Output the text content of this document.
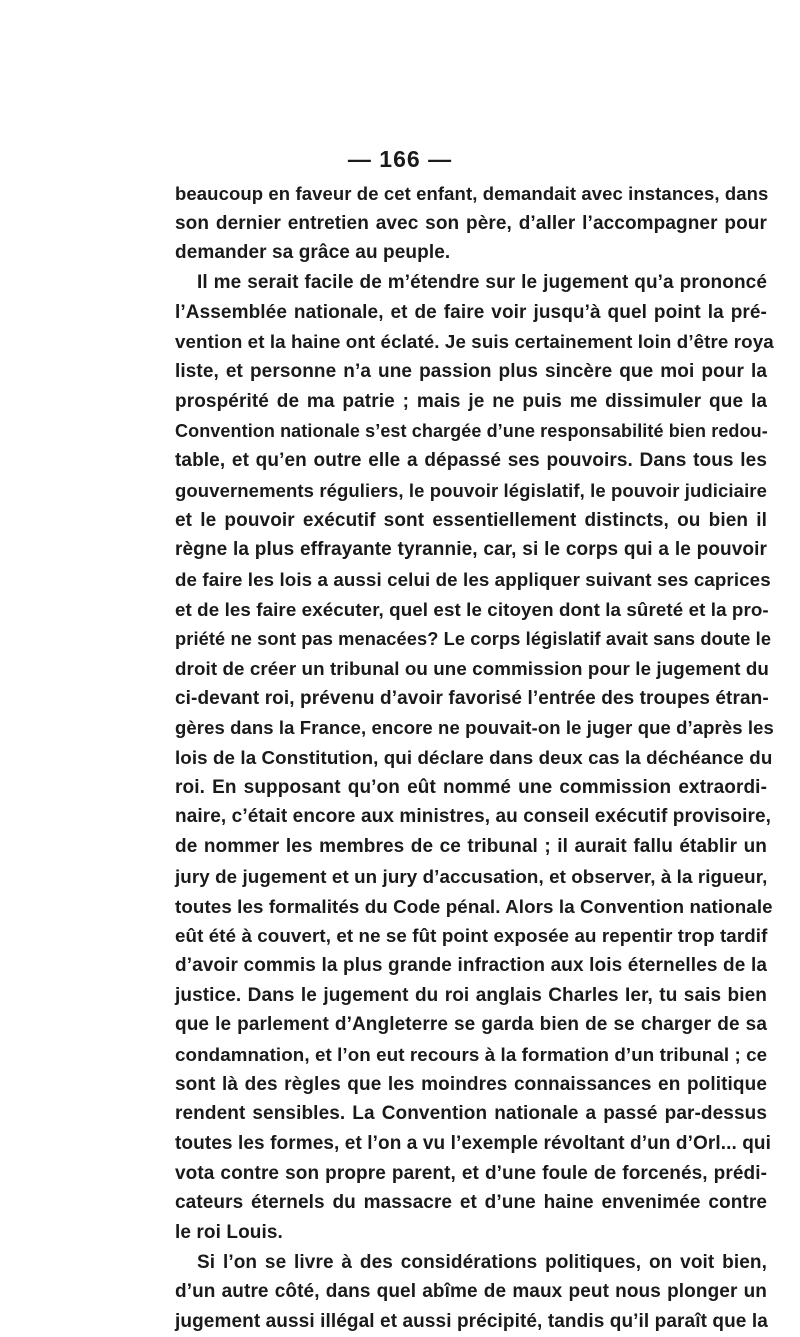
— 166 —
beaucoup en faveur de cet enfant, demandait avec instances, dans
son dernier entretien avec son père, d’aller l’accompagner pour
demander sa grâce au peuple.
Il me serait facile de m’étendre sur le jugement qu’a prononcé
l’Assemblée nationale, et de faire voir jusqu’à quel point la pré-
vention et la haine ont éclaté. Je suis certainement loin d’être roya
liste, et personne n’a une passion plus sincère que moi pour la
prospérité de ma patrie ; mais je ne puis me dissimuler que la
Convention nationale s’est chargée d’une responsabilité bien redou-
table, et qu’en outre elle a dépassé ses pouvoirs. Dans tous les
gouvernements réguliers, le pouvoir législatif, le pouvoir judiciaire
et le pouvoir exécutif sont essentiellement distincts, ou bien il
règne la plus effrayante tyrannie, car, si le corps qui a le pouvoir
de faire les lois a aussi celui de les appliquer suivant ses caprices
et de les faire exécuter, quel est le citoyen dont la sûreté et la pro-
priété ne sont pas menacées? Le corps législatif avait sans doute le
droit de créer un tribunal ou une commission pour le jugement du
ci-devant roi, prévenu d’avoir favorisé l’entrée des troupes étran-
gères dans la France, encore ne pouvait-on le juger que d’après les
lois de la Constitution, qui déclare dans deux cas la déchéance du
roi. En supposant qu’on eût nommé une commission extraordi-
naire, c’était encore aux ministres, au conseil exécutif provisoire,
de nommer les membres de ce tribunal ; il aurait fallu établir un
jury de jugement et un jury d’accusation, et observer, à la rigueur,
toutes les formalités du Code pénal. Alors la Convention nationale
eût été à couvert, et ne se fût point exposée au repentir trop tardif
d’avoir commis la plus grande infraction aux lois éternelles de la
justice. Dans le jugement du roi anglais Charles Ier, tu sais bien
que le parlement d’Angleterre se garda bien de se charger de sa
condamnation, et l’on eut recours à la formation d’un tribunal ; ce
sont là des règles que les moindres connaissances en politique
rendent sensibles. La Convention nationale a passé par-dessus
toutes les formes, et l’on a vu l’exemple révoltant d’un d’Orl... qui
vota contre son propre parent, et d’une foule de forcenés, prédi-
cateurs éternels du massacre et d’une haine envenimée contre
le roi Louis.
Si l’on se livre à des considérations politiques, on voit bien,
d’un autre côté, dans quel abîme de maux peut nous plonger un
jugement aussi illégal et aussi précipité, tandis qu’il paraît que la
